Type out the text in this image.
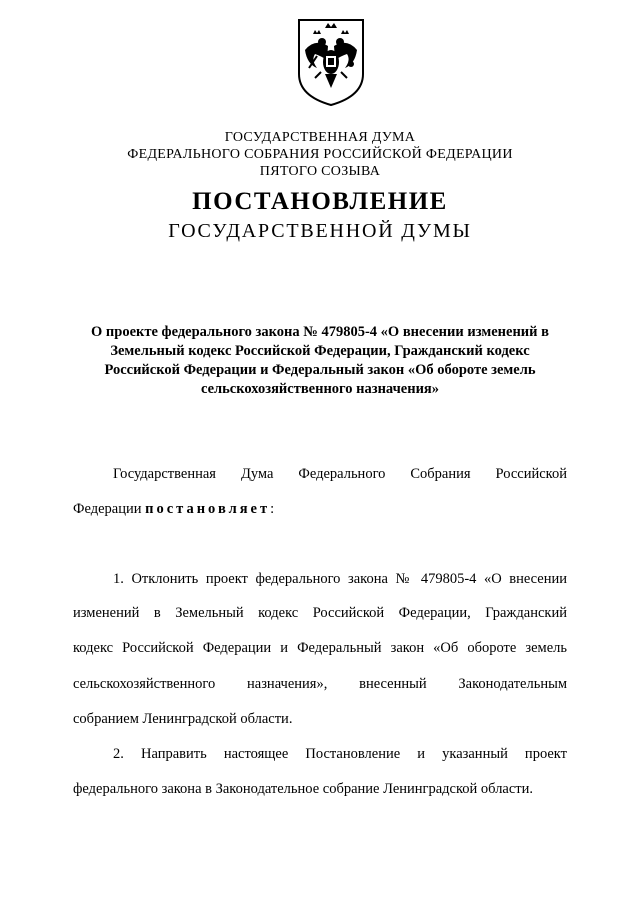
ГОСУДАРСТВЕННАЯ ДУМА
ФЕДЕРАЛЬНОГО СОБРАНИЯ РОССИЙСКОЙ ФЕДЕРАЦИИ
ПЯТОГО СОЗЫВА
ПОСТАНОВЛЕНИЕ
ГОСУДАРСТВЕННОЙ ДУМЫ
О проекте федерального закона № 479805-4 «О внесении изменений в
Земельный кодекс Российской Федерации, Гражданский кодекс
Российской Федерации и Федеральный закон «Об обороте земель
сельскохозяйственного назначения»
Государственная Дума Федерального Собрания Российской
Федерации постановляет:
1. Отклонить проект федерального закона № 479805-4 «О внесении
изменений в Земельный кодекс Российской Федерации, Гражданский
кодекс Российской Федерации и Федеральный закон «Об обороте земель
сельскохозяйственного назначения», внесенный Законодательным
собранием Ленинградской области.
2. Направить настоящее Постановление и указанный проект
федерального закона в Законодательное собрание Ленинградской области.
